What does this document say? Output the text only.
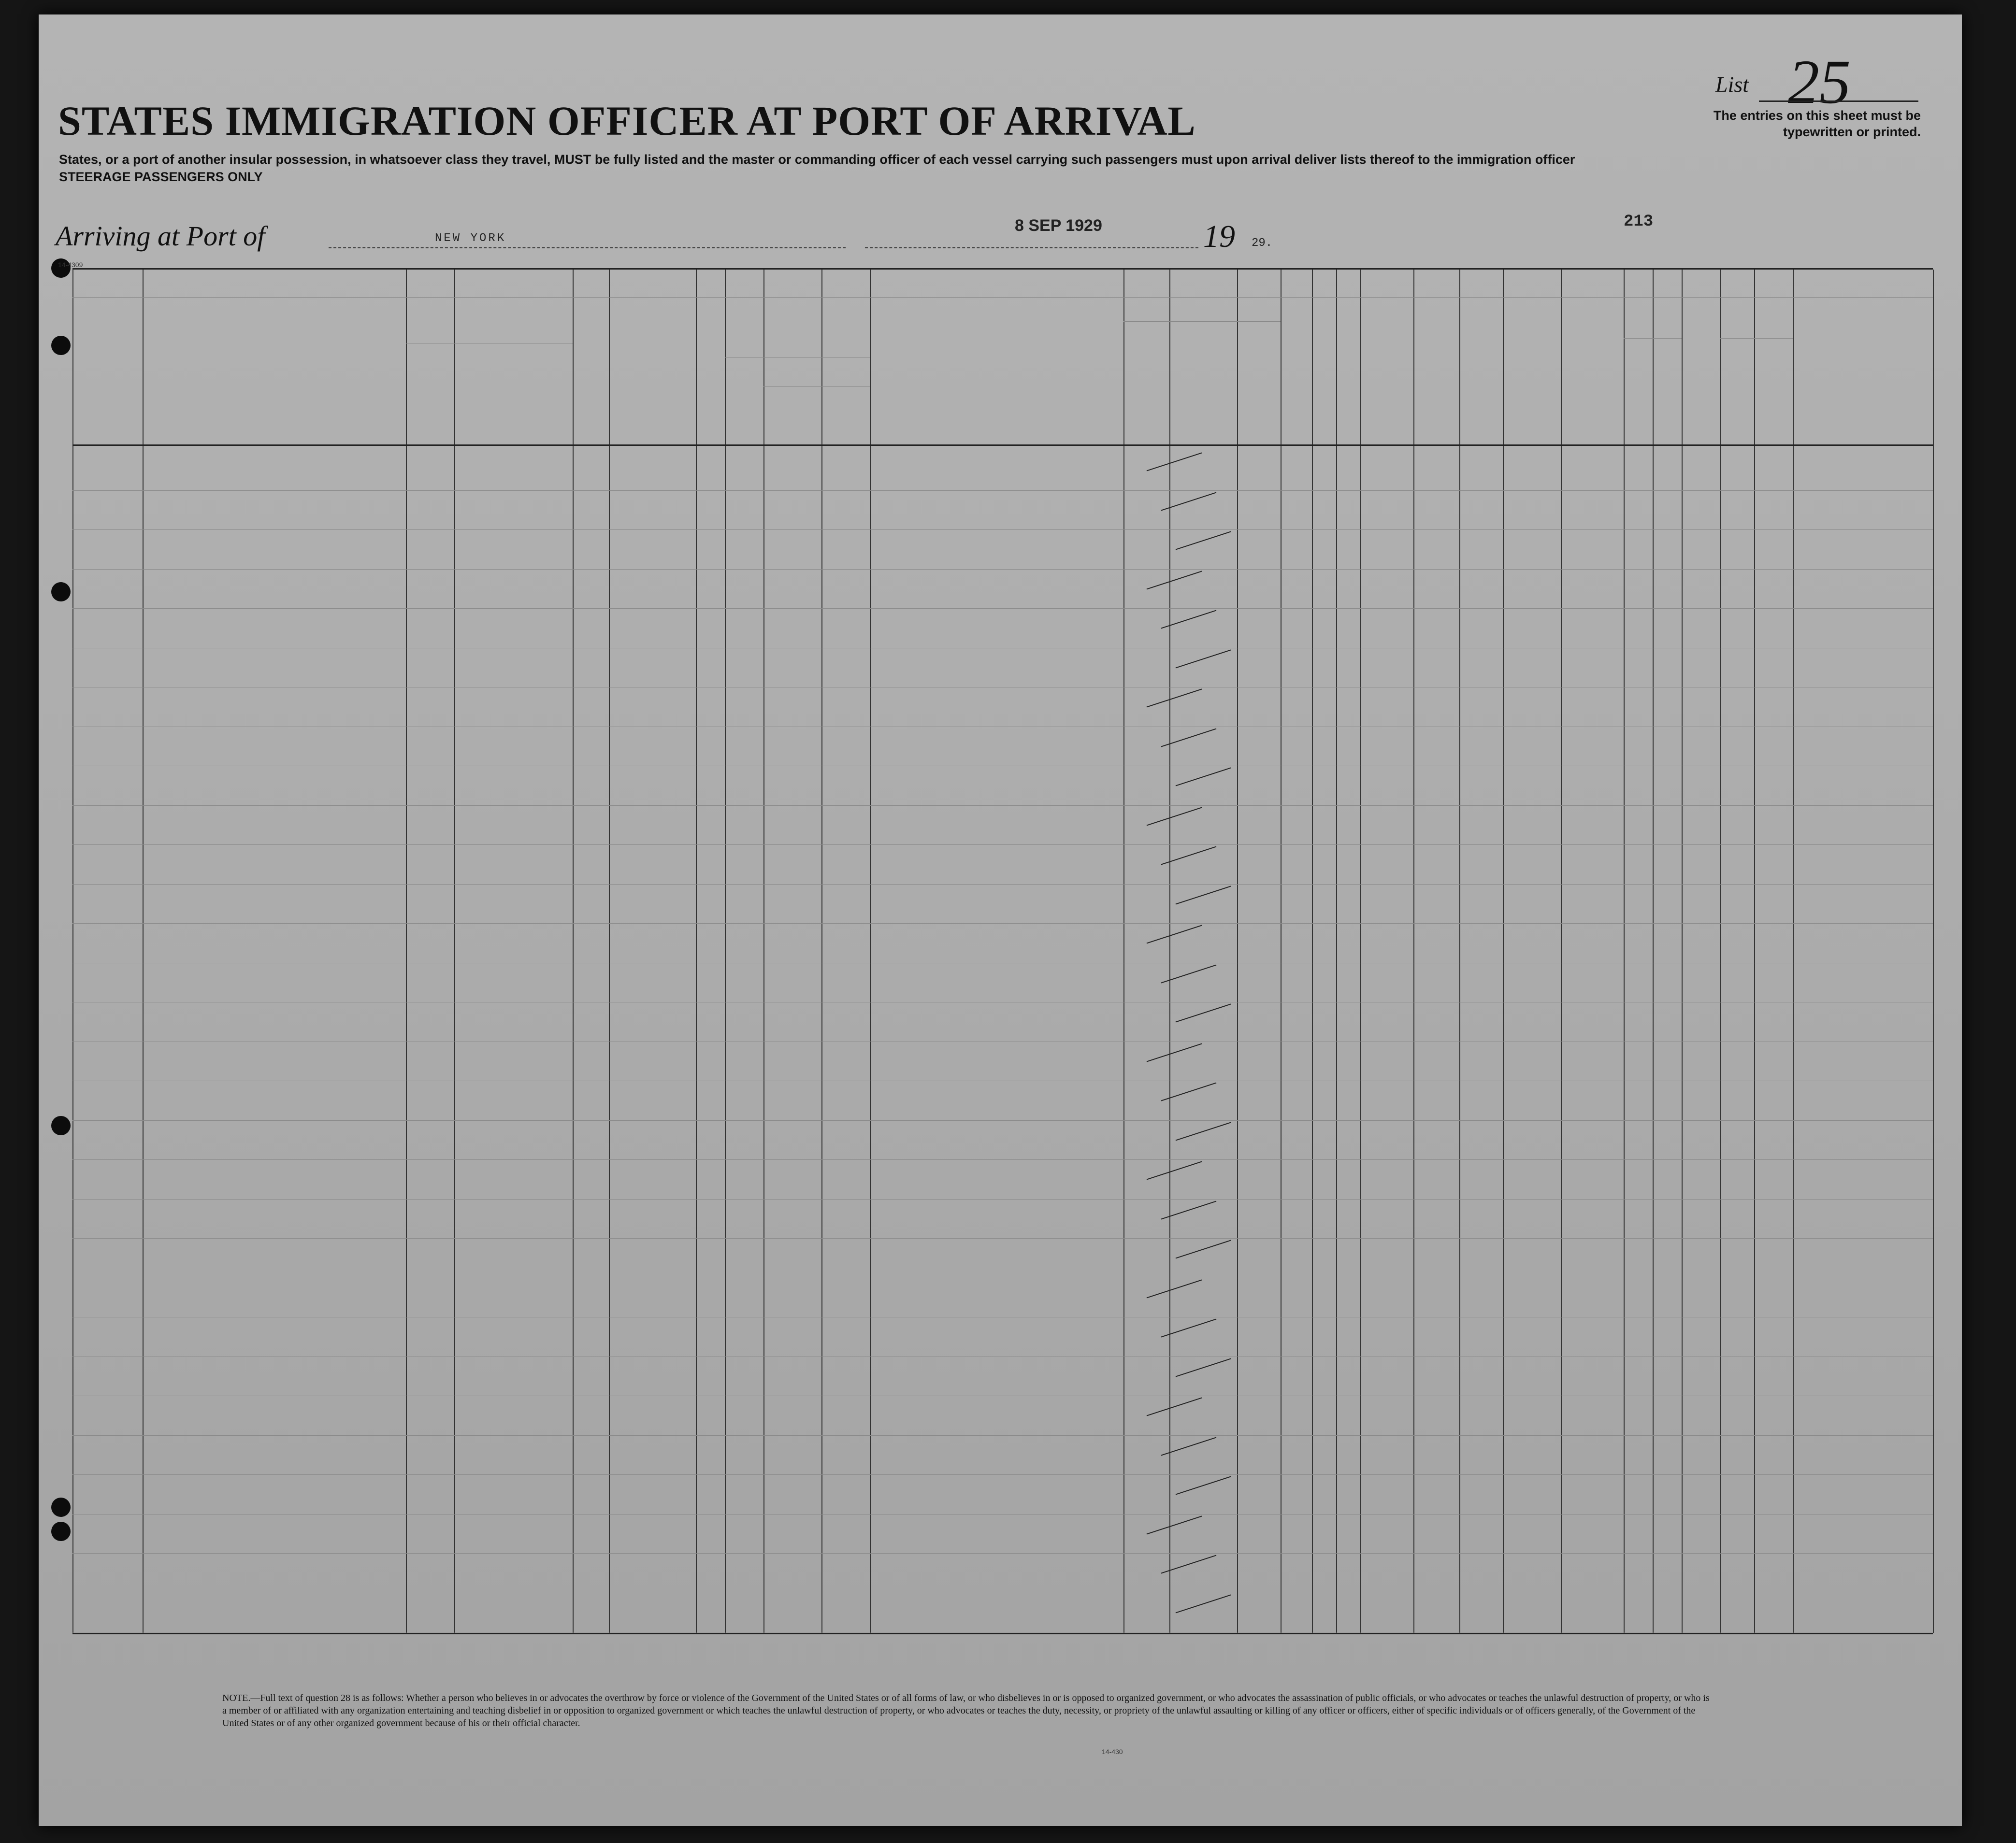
STATES IMMIGRATION OFFICER AT PORT OF ARRIVAL
States, or a port of another insular possession, in whatsoever class they travel, MUST be fully listed and the master or commanding officer of each vessel carrying such passengers must upon arrival deliver lists thereof to the immigration officer
STEERAGE PASSENGERS ONLY
List 25
The entries on this sheet must be typewritten or printed.
Arriving at Port of	NEW YORK
8 SEP 1929	19 29.
213
14-4309
NOTE.—Full text of question 28 is as follows: Whether a person who believes in or advocates the overthrow by force or violence of the Government of the United States or of all forms of law, or who disbelieves in or is opposed to organized government, or who advocates the assassination of public officials, or who advocates or teaches the unlawful destruction of property, or who is a member of or affiliated with any organization entertaining and teaching disbelief in or opposition to organized government or which teaches the unlawful destruction of property, or who advocates or teaches the duty, necessity, or propriety of the unlawful assaulting or killing of any officer or officers, either of specific individuals or of officers generally, of the Government of the United States or of any other organized government because of his or their official character.
14-430
